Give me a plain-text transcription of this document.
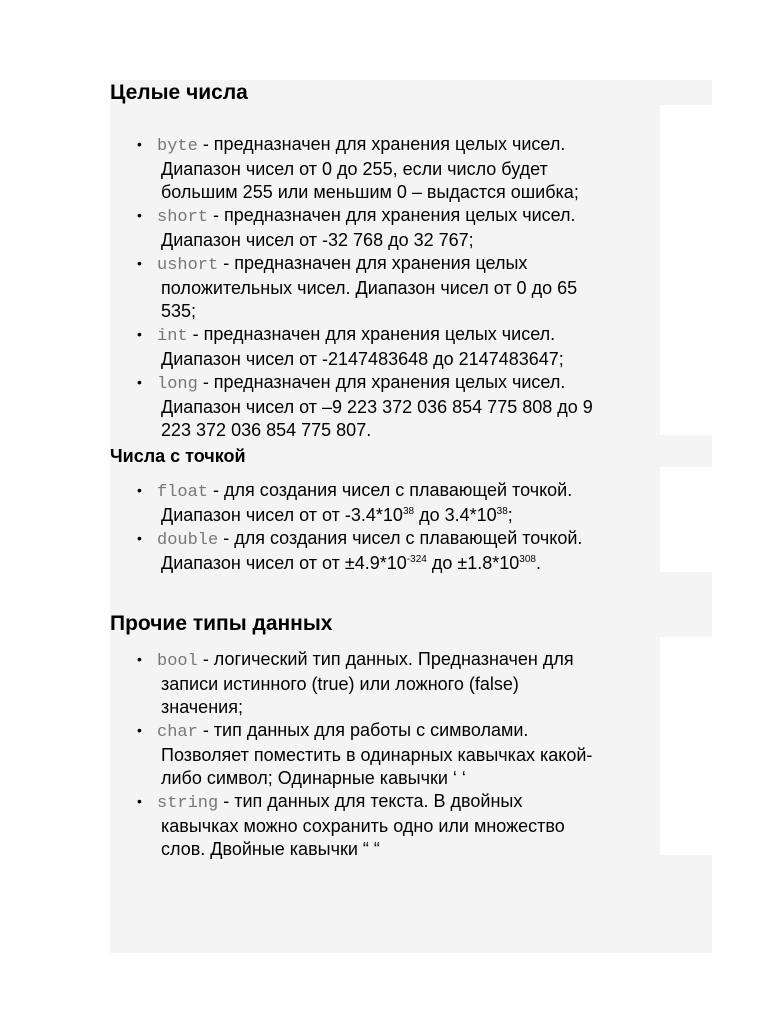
Целые числа
• byte - предназначен для хранения целых чисел.
Диапазон чисел от 0 до 255, если число будет
большим 255 или меньшим 0 – выдастся ошибка;
• short - предназначен для хранения целых чисел.
Диапазон чисел от -32 768 до 32 767;
• ushort - предназначен для хранения целых
положительных чисел. Диапазон чисел от 0 до 65
535;
• int - предназначен для хранения целых чисел.
Диапазон чисел от -2147483648 до 2147483647;
• long - предназначен для хранения целых чисел.
Диапазон чисел от –9 223 372 036 854 775 808 до 9
223 372 036 854 775 807.
Числа с точкой
• float - для создания чисел с плавающей точкой.
Диапазон чисел от от $-3.4*10^{38}$ до $3.4*10^{38}$;
• double - для создания чисел с плавающей точкой.
Диапазон чисел от от $\pm 4.9*10^{-324}$ до $\pm 1.8*10^{308}$.
Прочие типы данных
• bool - логический тип данных. Предназначен для
записи истинного (true) или ложного (false)
значения;
• char - тип данных для работы с символами.
Позволяет поместить в одинарных кавычках какой-
либо символ; Одинарные кавычки ‘ ‘
• string - тип данных для текста. В двойных
кавычках можно сохранить одно или множество
слов. Двойные кавычки “ “
